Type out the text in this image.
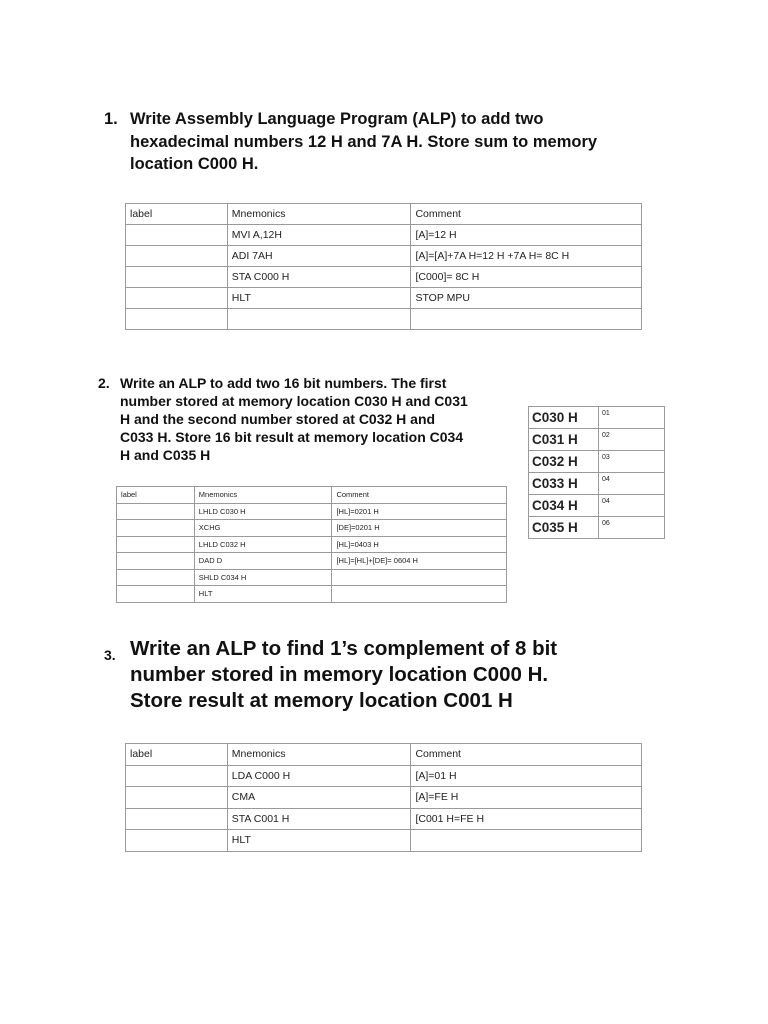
1. Write Assembly Language Program (ALP) to add two
hexadecimal numbers 12 H and 7A H. Store sum to memory
location C000 H.
label	Mnemonics	Comment
	MVI A,12H	[A]=12 H
	ADI 7AH	[A]=[A]+7A H=12 H +7A H= 8C H
	STA C000 H	[C000]= 8C H
	HLT	STOP MPU

2. Write an ALP to add two 16 bit numbers. The first
number stored at memory location C030 H and C031
H and the second number stored at C032 H and
C033 H. Store 16 bit result at memory location C034
H and C035 H
C030 H	01
C031 H	02
C032 H	03
C033 H	04
C034 H	04
C035 H	06
label	Mnemonics	Comment
	LHLD C030 H	[HL]=0201 H
	XCHG	[DE]=0201 H
	LHLD C032 H	[HL]=0403 H
	DAD D	[HL]=[HL]+[DE]= 0604 H
	SHLD C034 H	
	HLT	
3. Write an ALP to find 1’s complement of 8 bit
number stored in memory location C000 H.
Store result at memory location C001 H
label	Mnemonics	Comment
	LDA C000 H	[A]=01 H
	CMA	[A]=FE H
	STA C001 H	[C001 H=FE H
	HLT	
